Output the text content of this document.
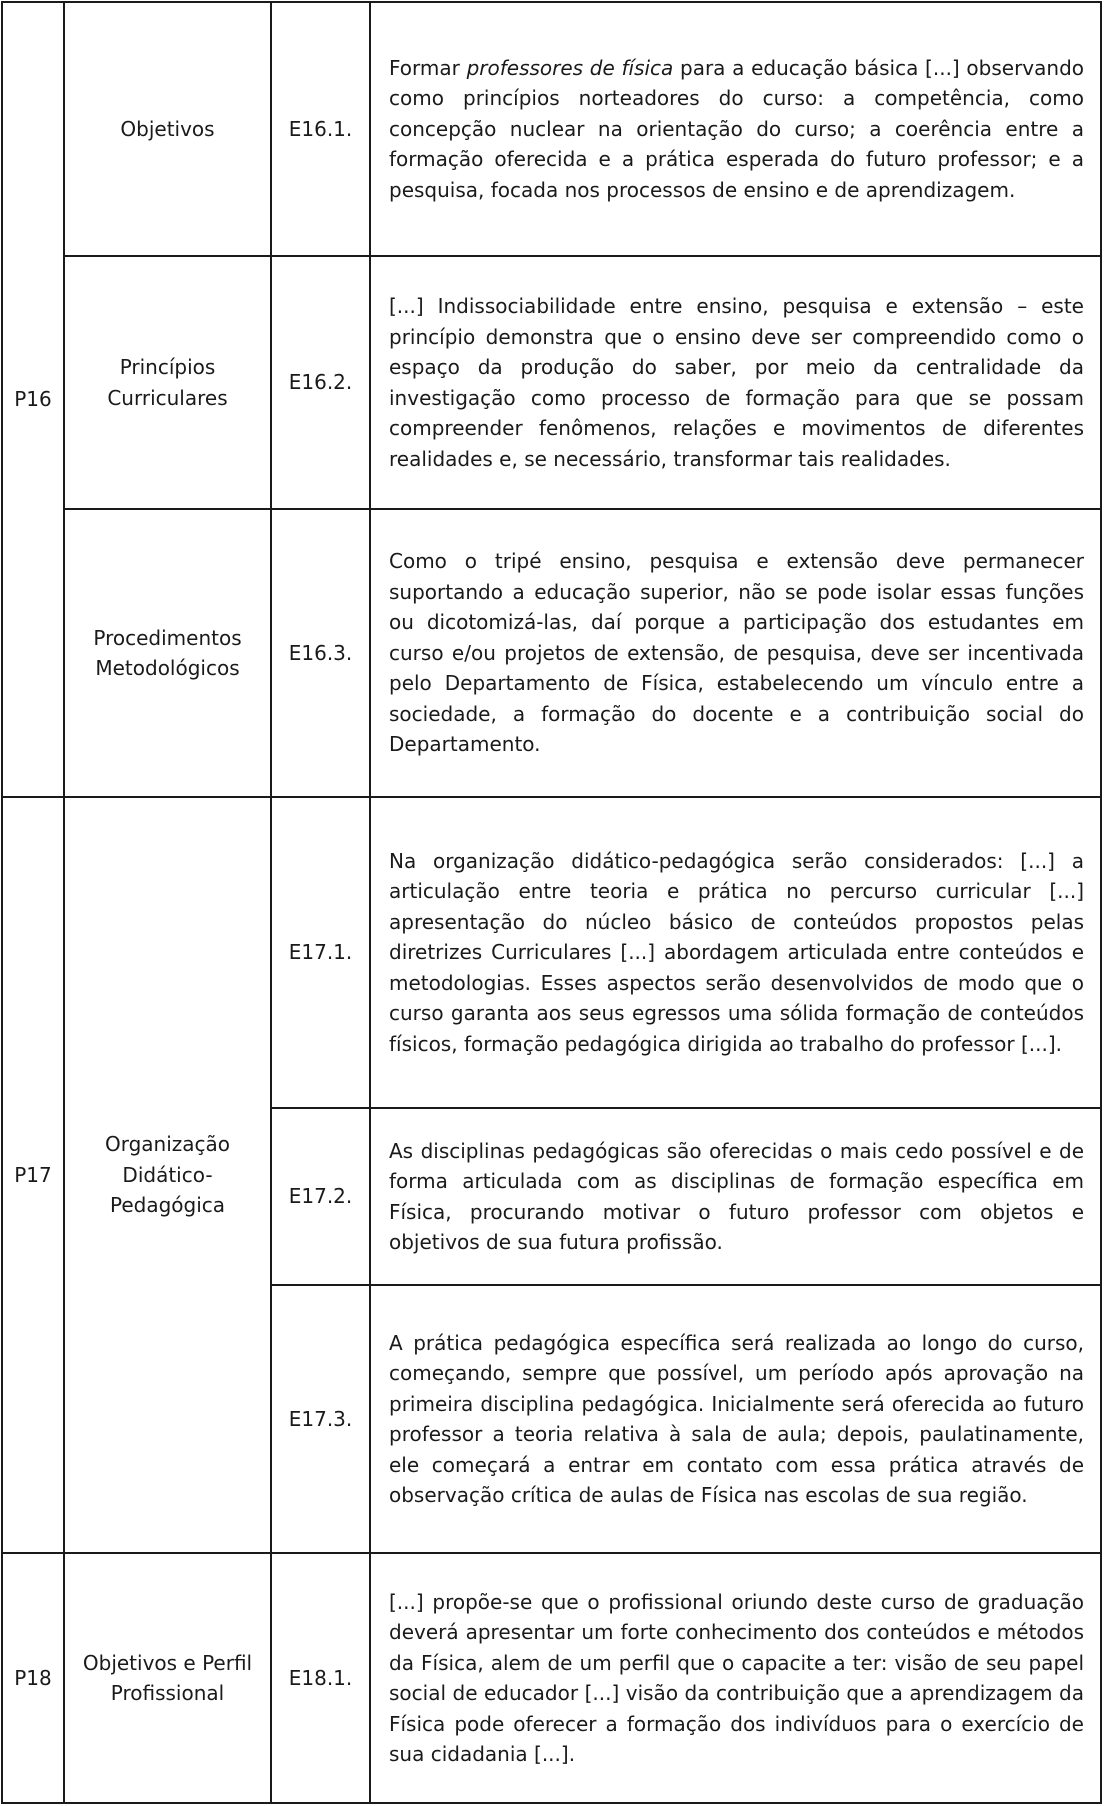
P16	Objetivos	E16.1.	Formar professores de física para a educação básica [...] observando como princípios norteadores do curso: a competência, como concepção nuclear na orientação do curso; a coerência entre a formação oferecida e a prática esperada do futuro professor; e a pesquisa, focada nos processos de ensino e de aprendizagem.
	Princípios Curriculares	E16.2.	[...] Indissociabilidade entre ensino, pesquisa e extensão – este princípio demonstra que o ensino deve ser compreendido como o espaço da produção do saber, por meio da centralidade da investigação como processo de formação para que se possam compreender fenômenos, relações e movimentos de diferentes realidades e, se necessário, transformar tais realidades.
	Procedimentos Metodológicos	E16.3.	Como o tripé ensino, pesquisa e extensão deve permanecer suportando a educação superior, não se pode isolar essas funções ou dicotomizá-las, daí porque a participação dos estudantes em curso e/ou projetos de extensão, de pesquisa, deve ser incentivada pelo Departamento de Física, estabelecendo um vínculo entre a sociedade, a formação do docente e a contribuição social do Departamento.
P17	Organização Didático-Pedagógica	E17.1.	Na organização didático-pedagógica serão considerados: [...] a articulação entre teoria e prática no percurso curricular [...] apresentação do núcleo básico de conteúdos propostos pelas diretrizes Curriculares [...] abordagem articulada entre conteúdos e metodologias. Esses aspectos serão desenvolvidos de modo que o curso garanta aos seus egressos uma sólida formação de conteúdos físicos, formação pedagógica dirigida ao trabalho do professor [...].
		E17.2.	As disciplinas pedagógicas são oferecidas o mais cedo possível e de forma articulada com as disciplinas de formação específica em Física, procurando motivar o futuro professor com objetos e objetivos de sua futura profissão.
		E17.3.	A prática pedagógica específica será realizada ao longo do curso, começando, sempre que possível, um período após aprovação na primeira disciplina pedagógica. Inicialmente será oferecida ao futuro professor a teoria relativa à sala de aula; depois, paulatinamente, ele começará a entrar em contato com essa prática através de observação crítica de aulas de Física nas escolas de sua região.
P18	Objetivos e Perfil Profissional	E18.1.	[...] propõe-se que o profissional oriundo deste curso de graduação deverá apresentar um forte conhecimento dos conteúdos e métodos da Física, alem de um perfil que o capacite a ter: visão de seu papel social de educador [...] visão da contribuição que a aprendizagem da Física pode oferecer a formação dos indivíduos para o exercício de sua cidadania [...].
